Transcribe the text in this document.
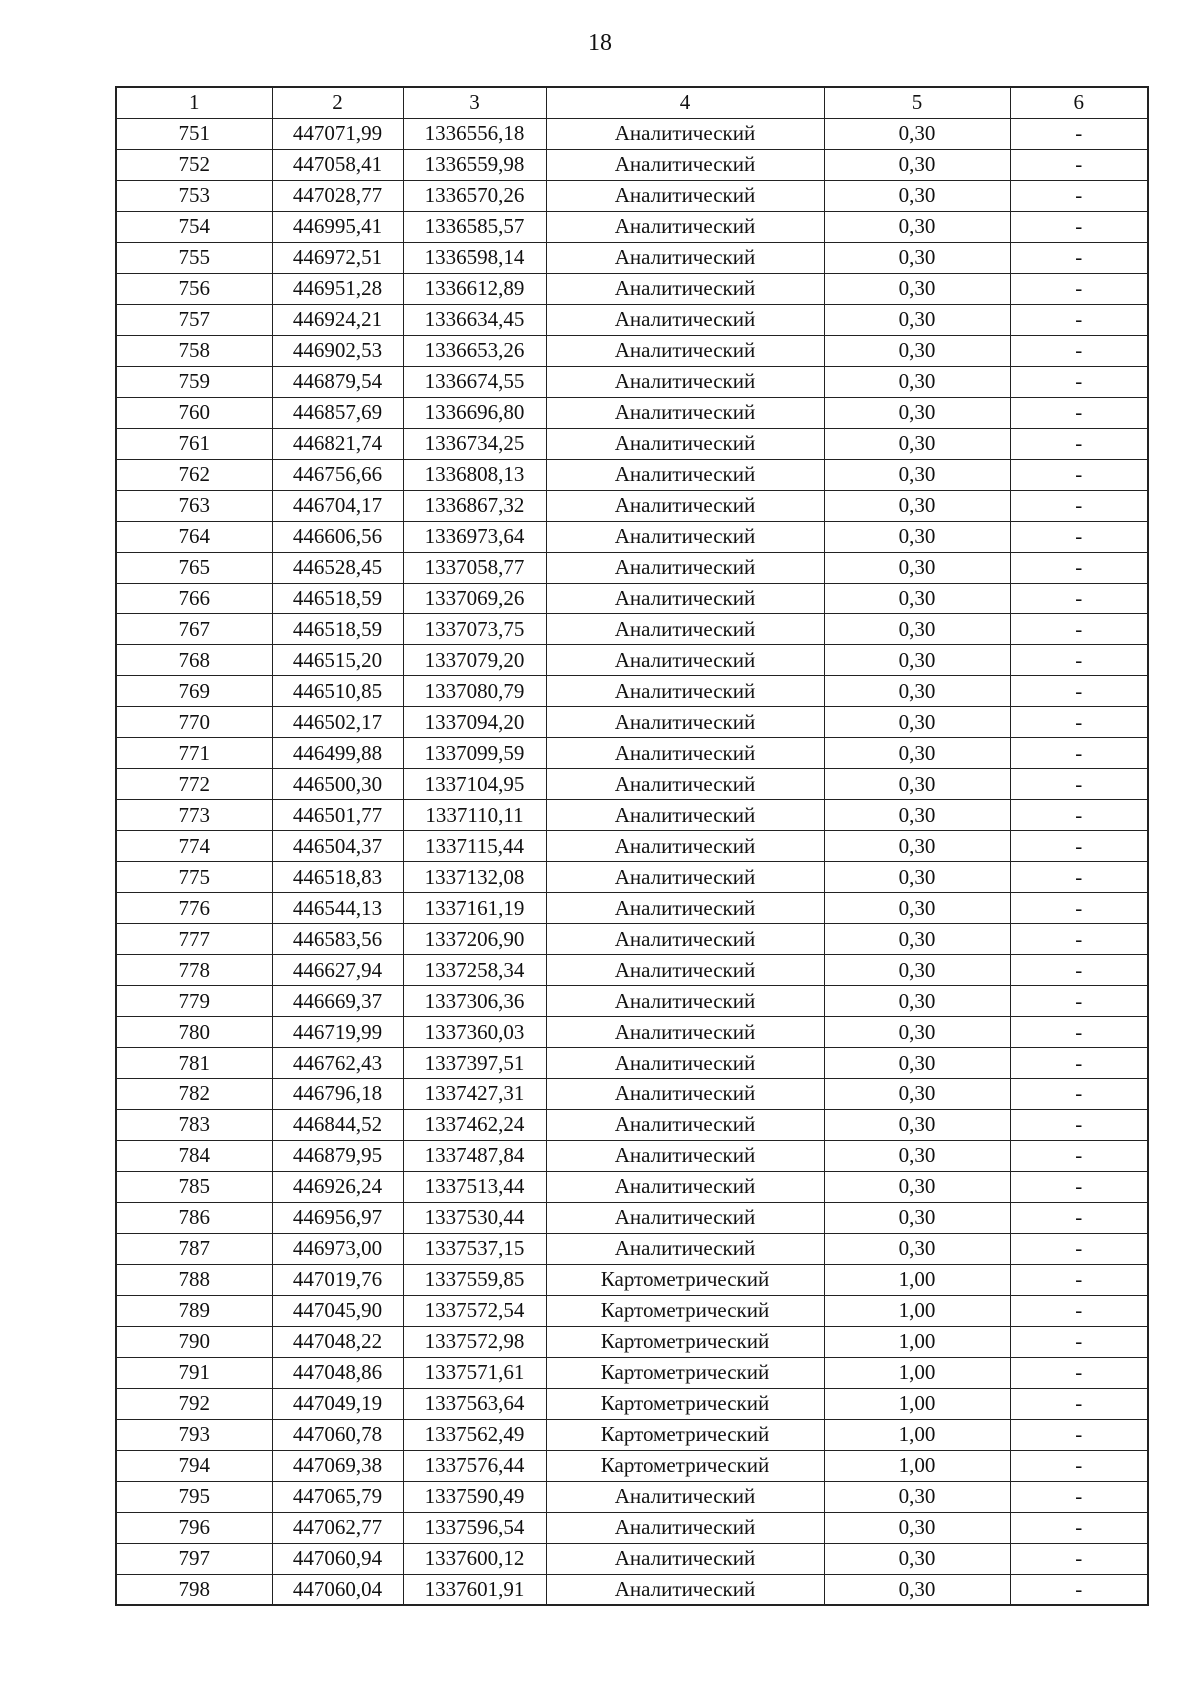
18
1	2	3	4	5	6
751	447071,99	1336556,18	Аналитический	0,30	-
752	447058,41	1336559,98	Аналитический	0,30	-
753	447028,77	1336570,26	Аналитический	0,30	-
754	446995,41	1336585,57	Аналитический	0,30	-
755	446972,51	1336598,14	Аналитический	0,30	-
756	446951,28	1336612,89	Аналитический	0,30	-
757	446924,21	1336634,45	Аналитический	0,30	-
758	446902,53	1336653,26	Аналитический	0,30	-
759	446879,54	1336674,55	Аналитический	0,30	-
760	446857,69	1336696,80	Аналитический	0,30	-
761	446821,74	1336734,25	Аналитический	0,30	-
762	446756,66	1336808,13	Аналитический	0,30	-
763	446704,17	1336867,32	Аналитический	0,30	-
764	446606,56	1336973,64	Аналитический	0,30	-
765	446528,45	1337058,77	Аналитический	0,30	-
766	446518,59	1337069,26	Аналитический	0,30	-
767	446518,59	1337073,75	Аналитический	0,30	-
768	446515,20	1337079,20	Аналитический	0,30	-
769	446510,85	1337080,79	Аналитический	0,30	-
770	446502,17	1337094,20	Аналитический	0,30	-
771	446499,88	1337099,59	Аналитический	0,30	-
772	446500,30	1337104,95	Аналитический	0,30	-
773	446501,77	1337110,11	Аналитический	0,30	-
774	446504,37	1337115,44	Аналитический	0,30	-
775	446518,83	1337132,08	Аналитический	0,30	-
776	446544,13	1337161,19	Аналитический	0,30	-
777	446583,56	1337206,90	Аналитический	0,30	-
778	446627,94	1337258,34	Аналитический	0,30	-
779	446669,37	1337306,36	Аналитический	0,30	-
780	446719,99	1337360,03	Аналитический	0,30	-
781	446762,43	1337397,51	Аналитический	0,30	-
782	446796,18	1337427,31	Аналитический	0,30	-
783	446844,52	1337462,24	Аналитический	0,30	-
784	446879,95	1337487,84	Аналитический	0,30	-
785	446926,24	1337513,44	Аналитический	0,30	-
786	446956,97	1337530,44	Аналитический	0,30	-
787	446973,00	1337537,15	Аналитический	0,30	-
788	447019,76	1337559,85	Картометрический	1,00	-
789	447045,90	1337572,54	Картометрический	1,00	-
790	447048,22	1337572,98	Картометрический	1,00	-
791	447048,86	1337571,61	Картометрический	1,00	-
792	447049,19	1337563,64	Картометрический	1,00	-
793	447060,78	1337562,49	Картометрический	1,00	-
794	447069,38	1337576,44	Картометрический	1,00	-
795	447065,79	1337590,49	Аналитический	0,30	-
796	447062,77	1337596,54	Аналитический	0,30	-
797	447060,94	1337600,12	Аналитический	0,30	-
798	447060,04	1337601,91	Аналитический	0,30	-
